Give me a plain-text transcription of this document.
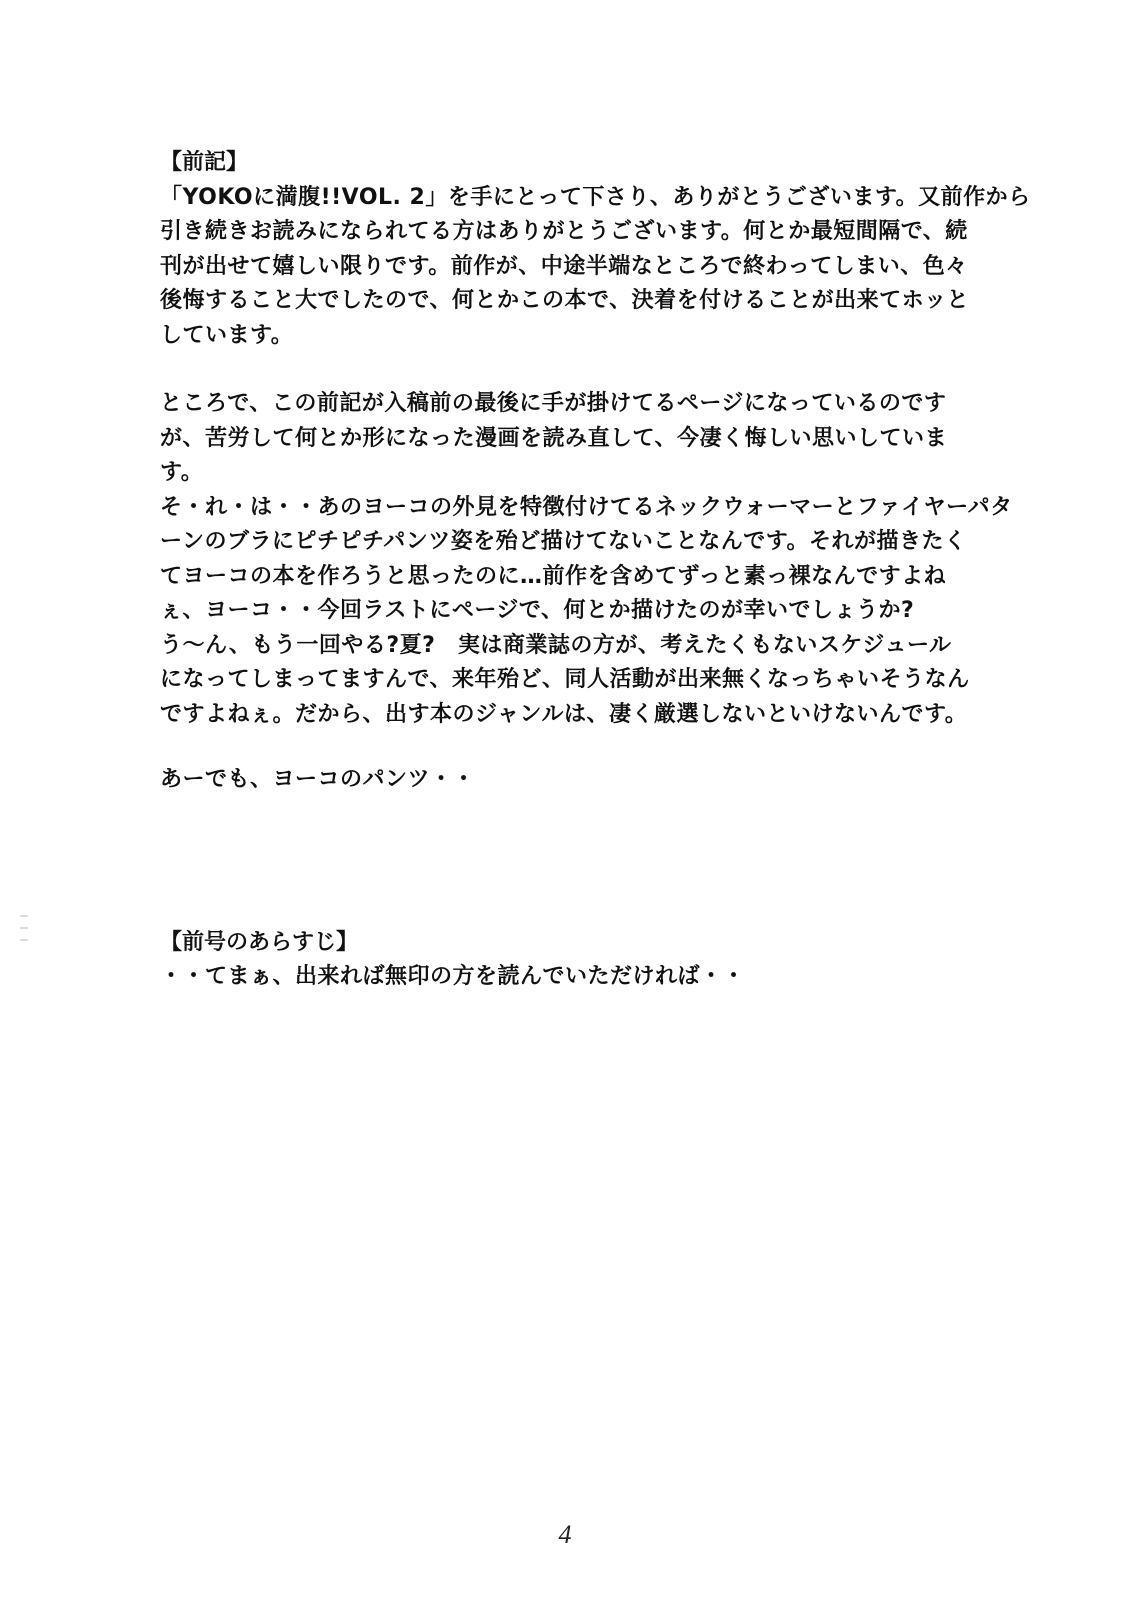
【前記】

「YOKOに満腹!!VOL. 2」を手にとって下さり、ありがとうございます。又前作から

引き続きお読みになられてる方はありがとうございます。何とか最短間隔で、続

刊が出せて嬉しい限りです。前作が、中途半端なところで終わってしまい、色々

後悔すること大でしたので、何とかこの本で、決着を付けることが出来てホッと

しています。

ところで、この前記が入稿前の最後に手が掛けてるページになっているのです

が、苦労して何とか形になった漫画を読み直して、今凄く悔しい思いしていま

す。

そ・れ・は・・あのヨーコの外見を特徴付けてるネックウォーマーとファイヤーパタ

ーンのブラにピチピチパンツ姿を殆ど描けてないことなんです。それが描きたく

てヨーコの本を作ろうと思ったのに…前作を含めてずっと素っ裸なんですよね

ぇ、ヨーコ・・今回ラストにページで、何とか描けたのが幸いでしょうか?

う～ん、もう一回やる?夏?　実は商業誌の方が、考えたくもないスケジュール

になってしまってますんで、来年殆ど、同人活動が出来無くなっちゃいそうなん

ですよねぇ。だから、出す本のジャンルは、凄く厳選しないといけないんです。

あーでも、ヨーコのパンツ・・

【前号のあらすじ】

・・てまぁ、出来れば無印の方を読んでいただければ・・

4
